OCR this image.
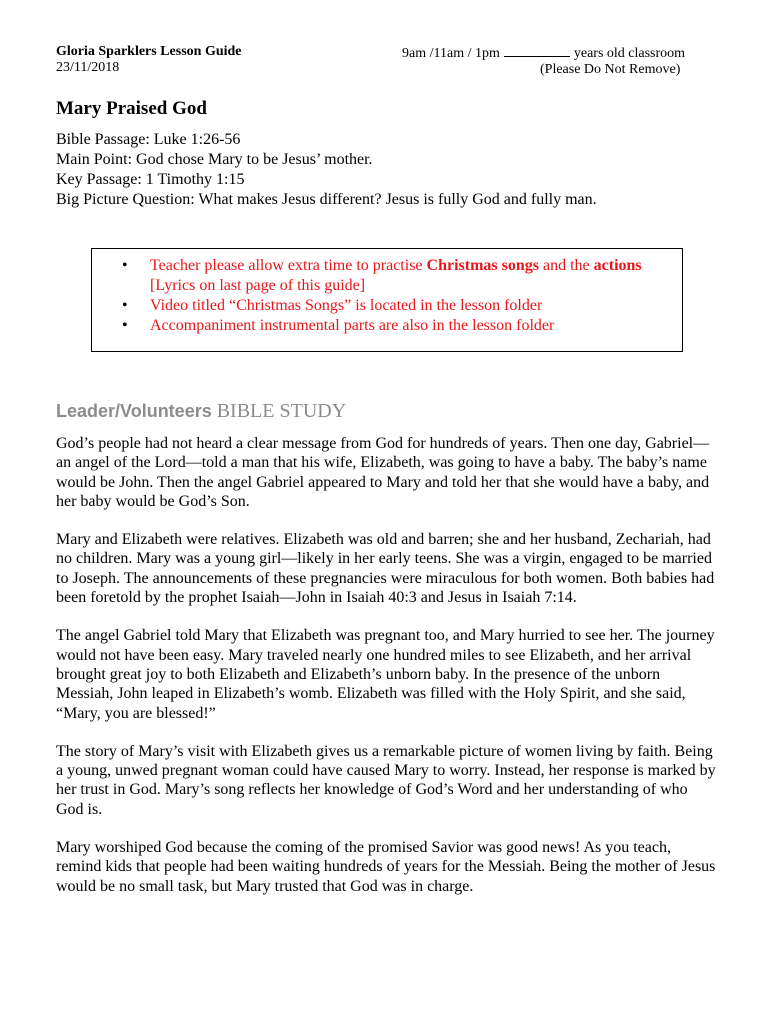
Gloria Sparklers Lesson Guide
23/11/2018
9am /11am / 1pm	years old classroom
(Please Do Not Remove)
Mary Praised God
Bible Passage: Luke 1:26-56
Main Point: God chose Mary to be Jesus’ mother.
Key Passage: 1 Timothy 1:15
Big Picture Question: What makes Jesus different? Jesus is fully God and fully man.
• Teacher please allow extra time to practise Christmas songs and the actions [Lyrics on last page of this guide]
• Video titled “Christmas Songs” is located in the lesson folder
• Accompaniment instrumental parts are also in the lesson folder
Leader/Volunteers BIBLE STUDY

God’s people had not heard a clear message from God for hundreds of years. Then one day, Gabriel—an angel of the Lord—told a man that his wife, Elizabeth, was going to have a baby. The baby’s name would be John. Then the angel Gabriel appeared to Mary and told her that she would have a baby, and her baby would be God’s Son.

Mary and Elizabeth were relatives. Elizabeth was old and barren; she and her husband, Zechariah, had no children. Mary was a young girl—likely in her early teens. She was a virgin, engaged to be married to Joseph. The announcements of these pregnancies were miraculous for both women. Both babies had been foretold by the prophet Isaiah—John in Isaiah 40:3 and Jesus in Isaiah 7:14.

The angel Gabriel told Mary that Elizabeth was pregnant too, and Mary hurried to see her. The journey would not have been easy. Mary traveled nearly one hundred miles to see Elizabeth, and her arrival brought great joy to both Elizabeth and Elizabeth’s unborn baby. In the presence of the unborn Messiah, John leaped in Elizabeth’s womb. Elizabeth was filled with the Holy Spirit, and she said, “Mary, you are blessed!”

The story of Mary’s visit with Elizabeth gives us a remarkable picture of women living by faith. Being a young, unwed pregnant woman could have caused Mary to worry. Instead, her response is marked by her trust in God. Mary’s song reflects her knowledge of God’s Word and her understanding of who God is.

Mary worshiped God because the coming of the promised Savior was good news! As you teach, remind kids that people had been waiting hundreds of years for the Messiah. Being the mother of Jesus would be no small task, but Mary trusted that God was in charge.
